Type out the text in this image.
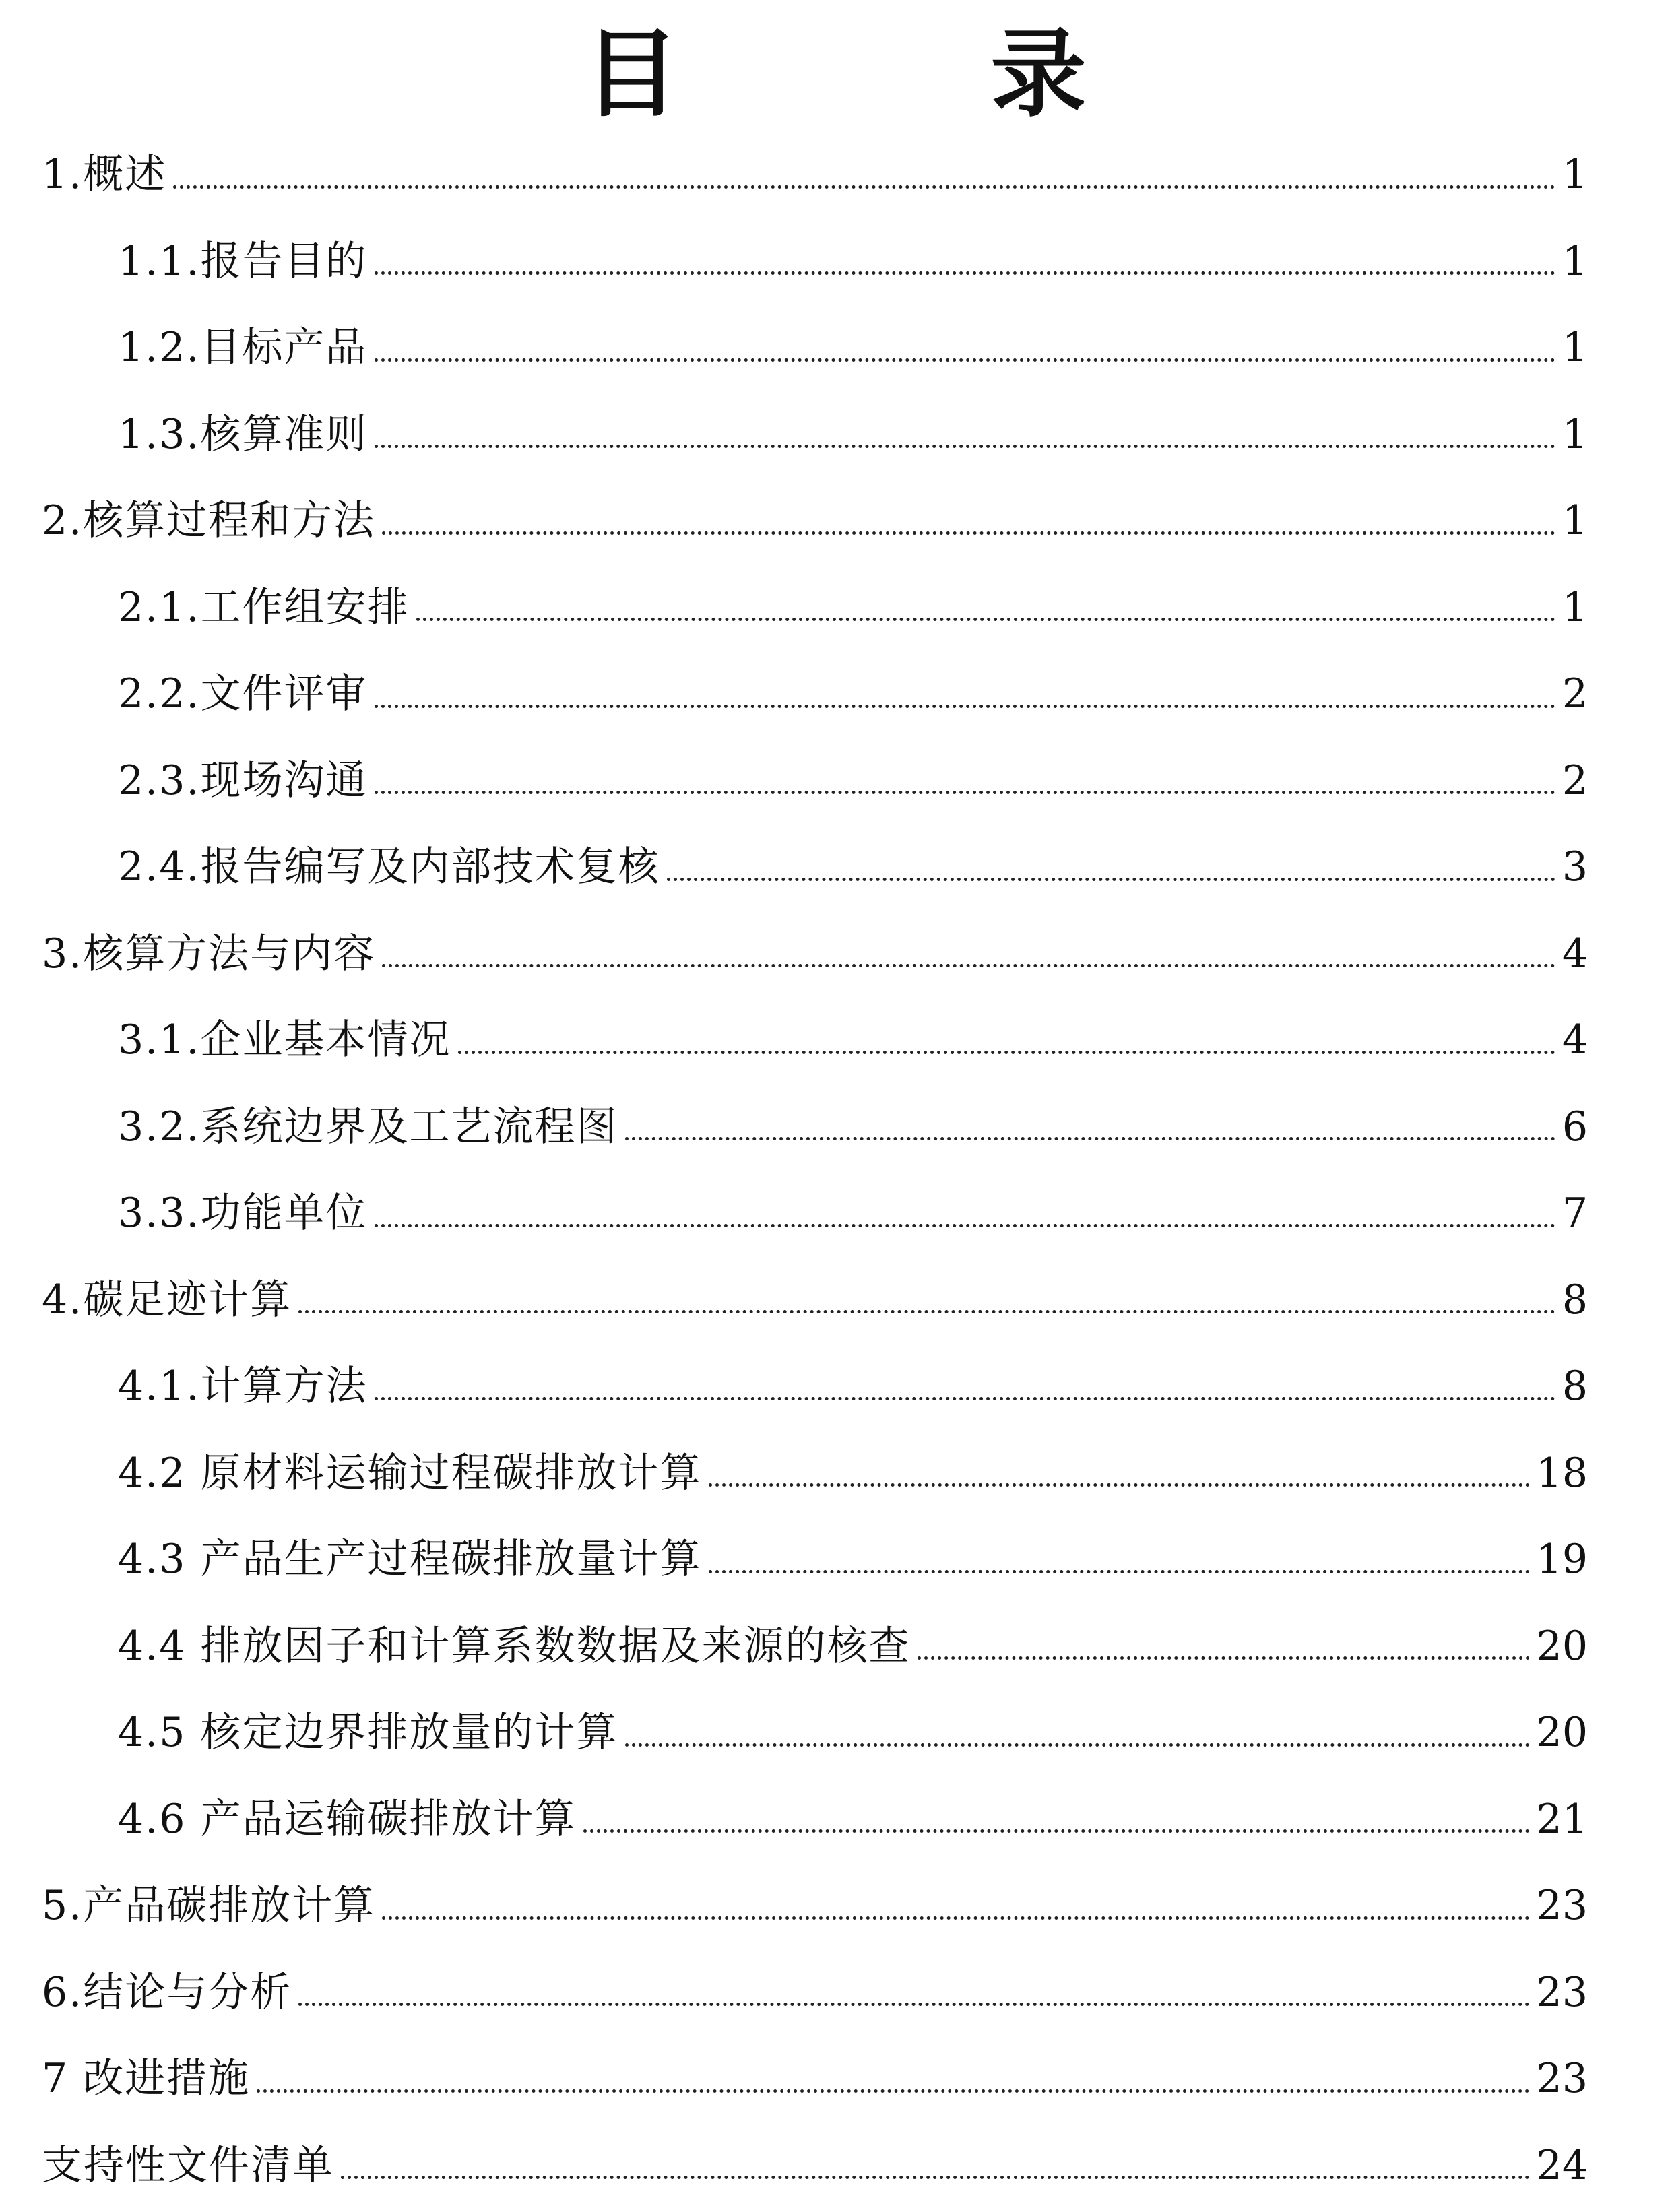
目　录
1.概述	1
1.1.报告目的	1
1.2.目标产品	1
1.3.核算准则	1
2.核算过程和方法	1
2.1.工作组安排	1
2.2.文件评审	2
2.3.现场沟通	2
2.4.报告编写及内部技术复核	3
3.核算方法与内容	4
3.1.企业基本情况	4
3.2.系统边界及工艺流程图	6
3.3.功能单位	7
4.碳足迹计算	8
4.1.计算方法	8
4.2 原材料运输过程碳排放计算	18
4.3 产品生产过程碳排放量计算	19
4.4 排放因子和计算系数数据及来源的核查	20
4.5 核定边界排放量的计算	20
4.6 产品运输碳排放计算	21
5.产品碳排放计算	23
6.结论与分析	23
7 改进措施	23
支持性文件清单	24
